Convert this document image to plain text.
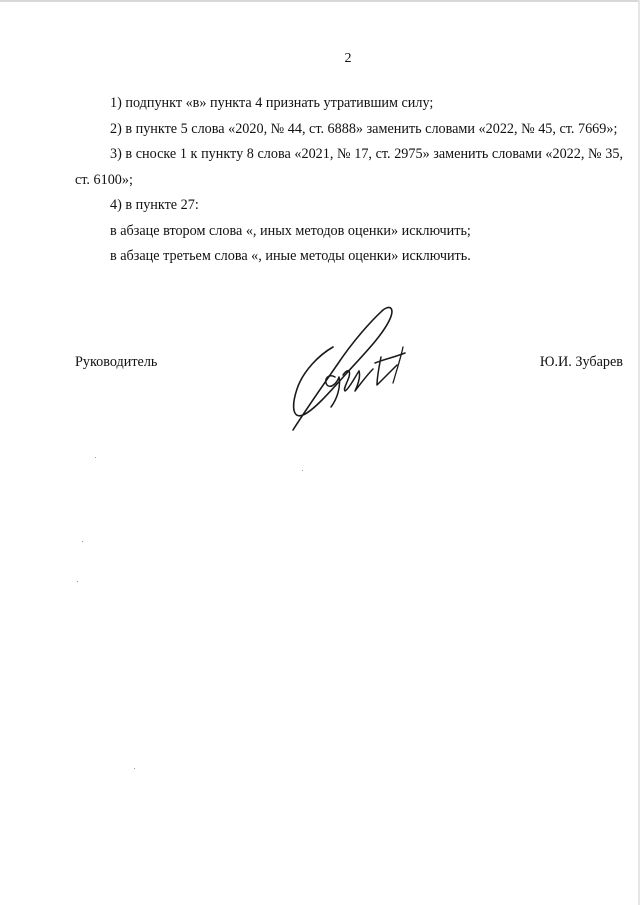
2

1) подпункт «в» пункта 4 признать утратившим силу;

2) в пункте 5 слова «2020, № 44, ст. 6888» заменить словами «2022, № 45, ст. 7669»;

3) в сноске 1 к пункту 8 слова «2021, № 17, ст. 2975» заменить словами «2022, № 35, ст. 6100»;

4) в пункте 27:

в абзаце втором слова «, иных методов оценки» исключить;

в абзаце третьем слова «, иные методы оценки» исключить.

Руководитель	Ю.И. Зубарев
